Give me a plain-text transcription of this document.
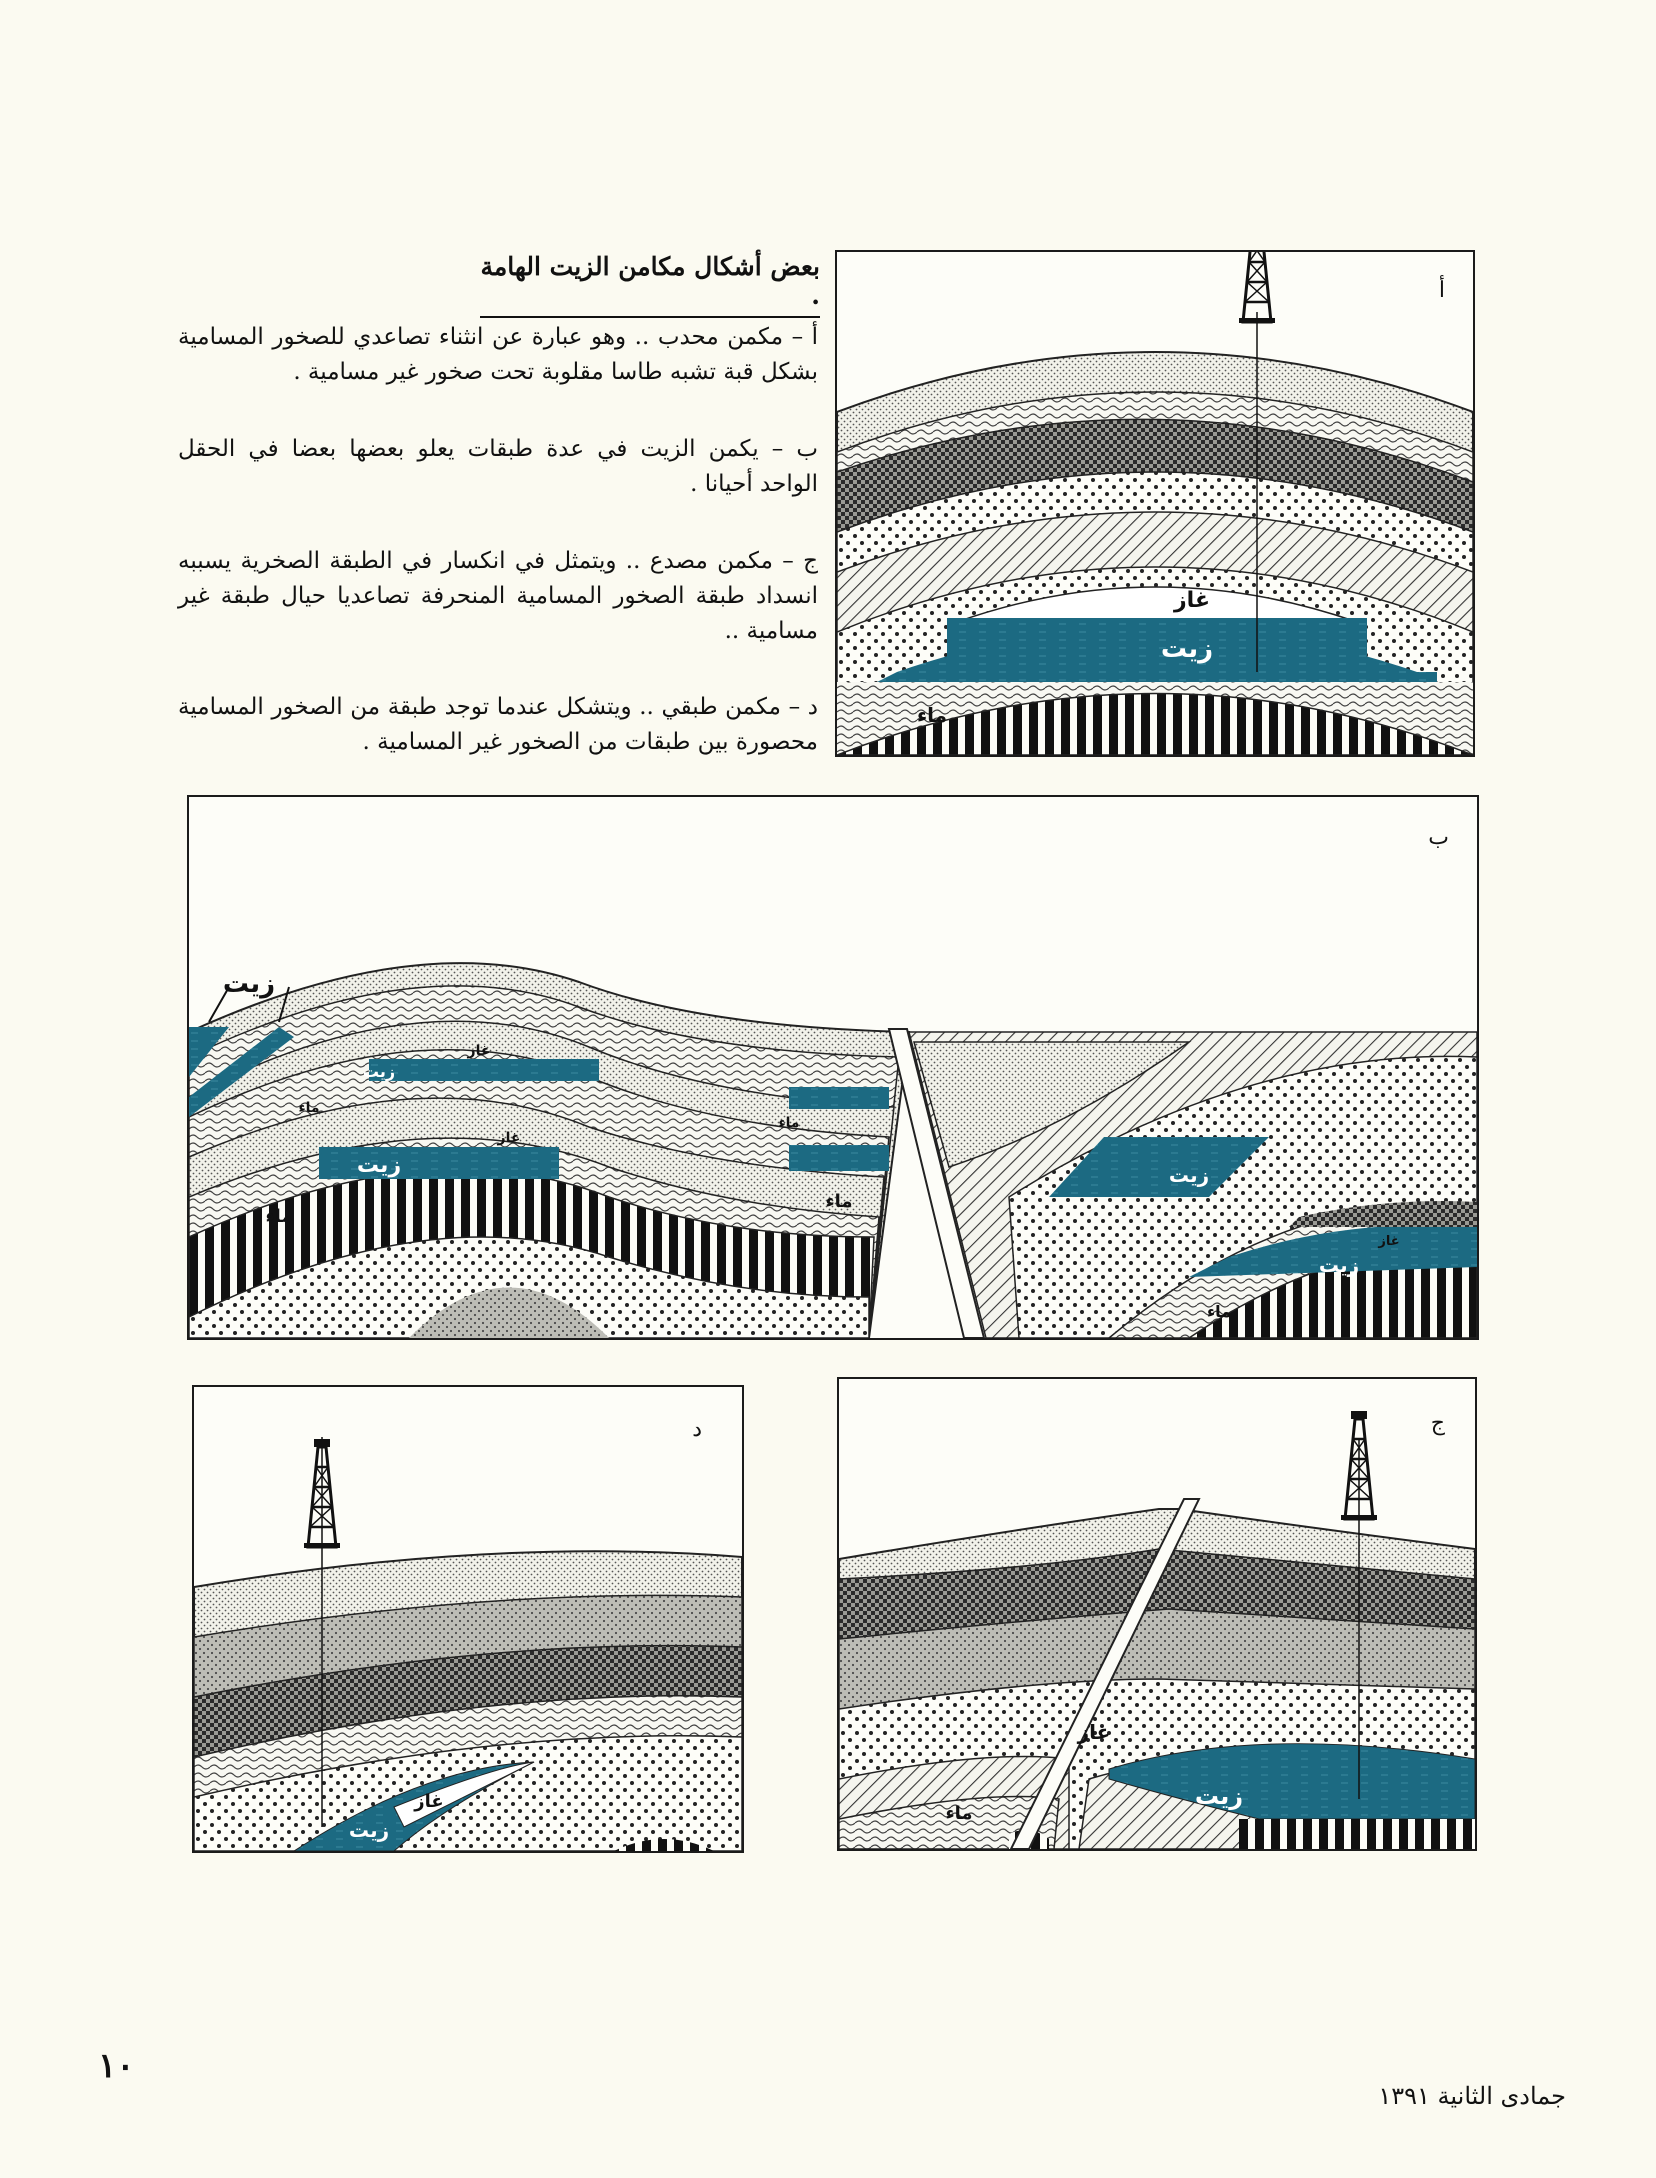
بعض أشكال مكامن الزيت الهامة .
أ – مكمن محدب .. وهو عبارة عن انثناء تصاعدي للصخور المسامية بشكل قبة تشبه طاسا مقلوبة تحت صخور غير مسامية .
ب – يكمن الزيت في عدة طبقات يعلو بعضها بعضا في الحقل الواحد أحيانا .
ج – مكمن مصدع .. ويتمثل في انكسار في الطبقة الصخرية يسببه انسداد طبقة الصخور المسامية المنحرفة تصاعديا حيال طبقة غير مسامية ..
د – مكمن طبقي .. ويتشكل عندما توجد طبقة من الصخور المسامية محصورة بين طبقات من الصخور غير المسامية .
غاز
زيت
ماء
أ
زيت
غاز
زيت
ماء
ماء
غاز
زيت
ماء
ماء
زيت
غاز
زيت
ماء
ب
غاز
زيت
د
غاز
زيت
ماء
ج
١٠
جمادى الثانية ١٣٩١
